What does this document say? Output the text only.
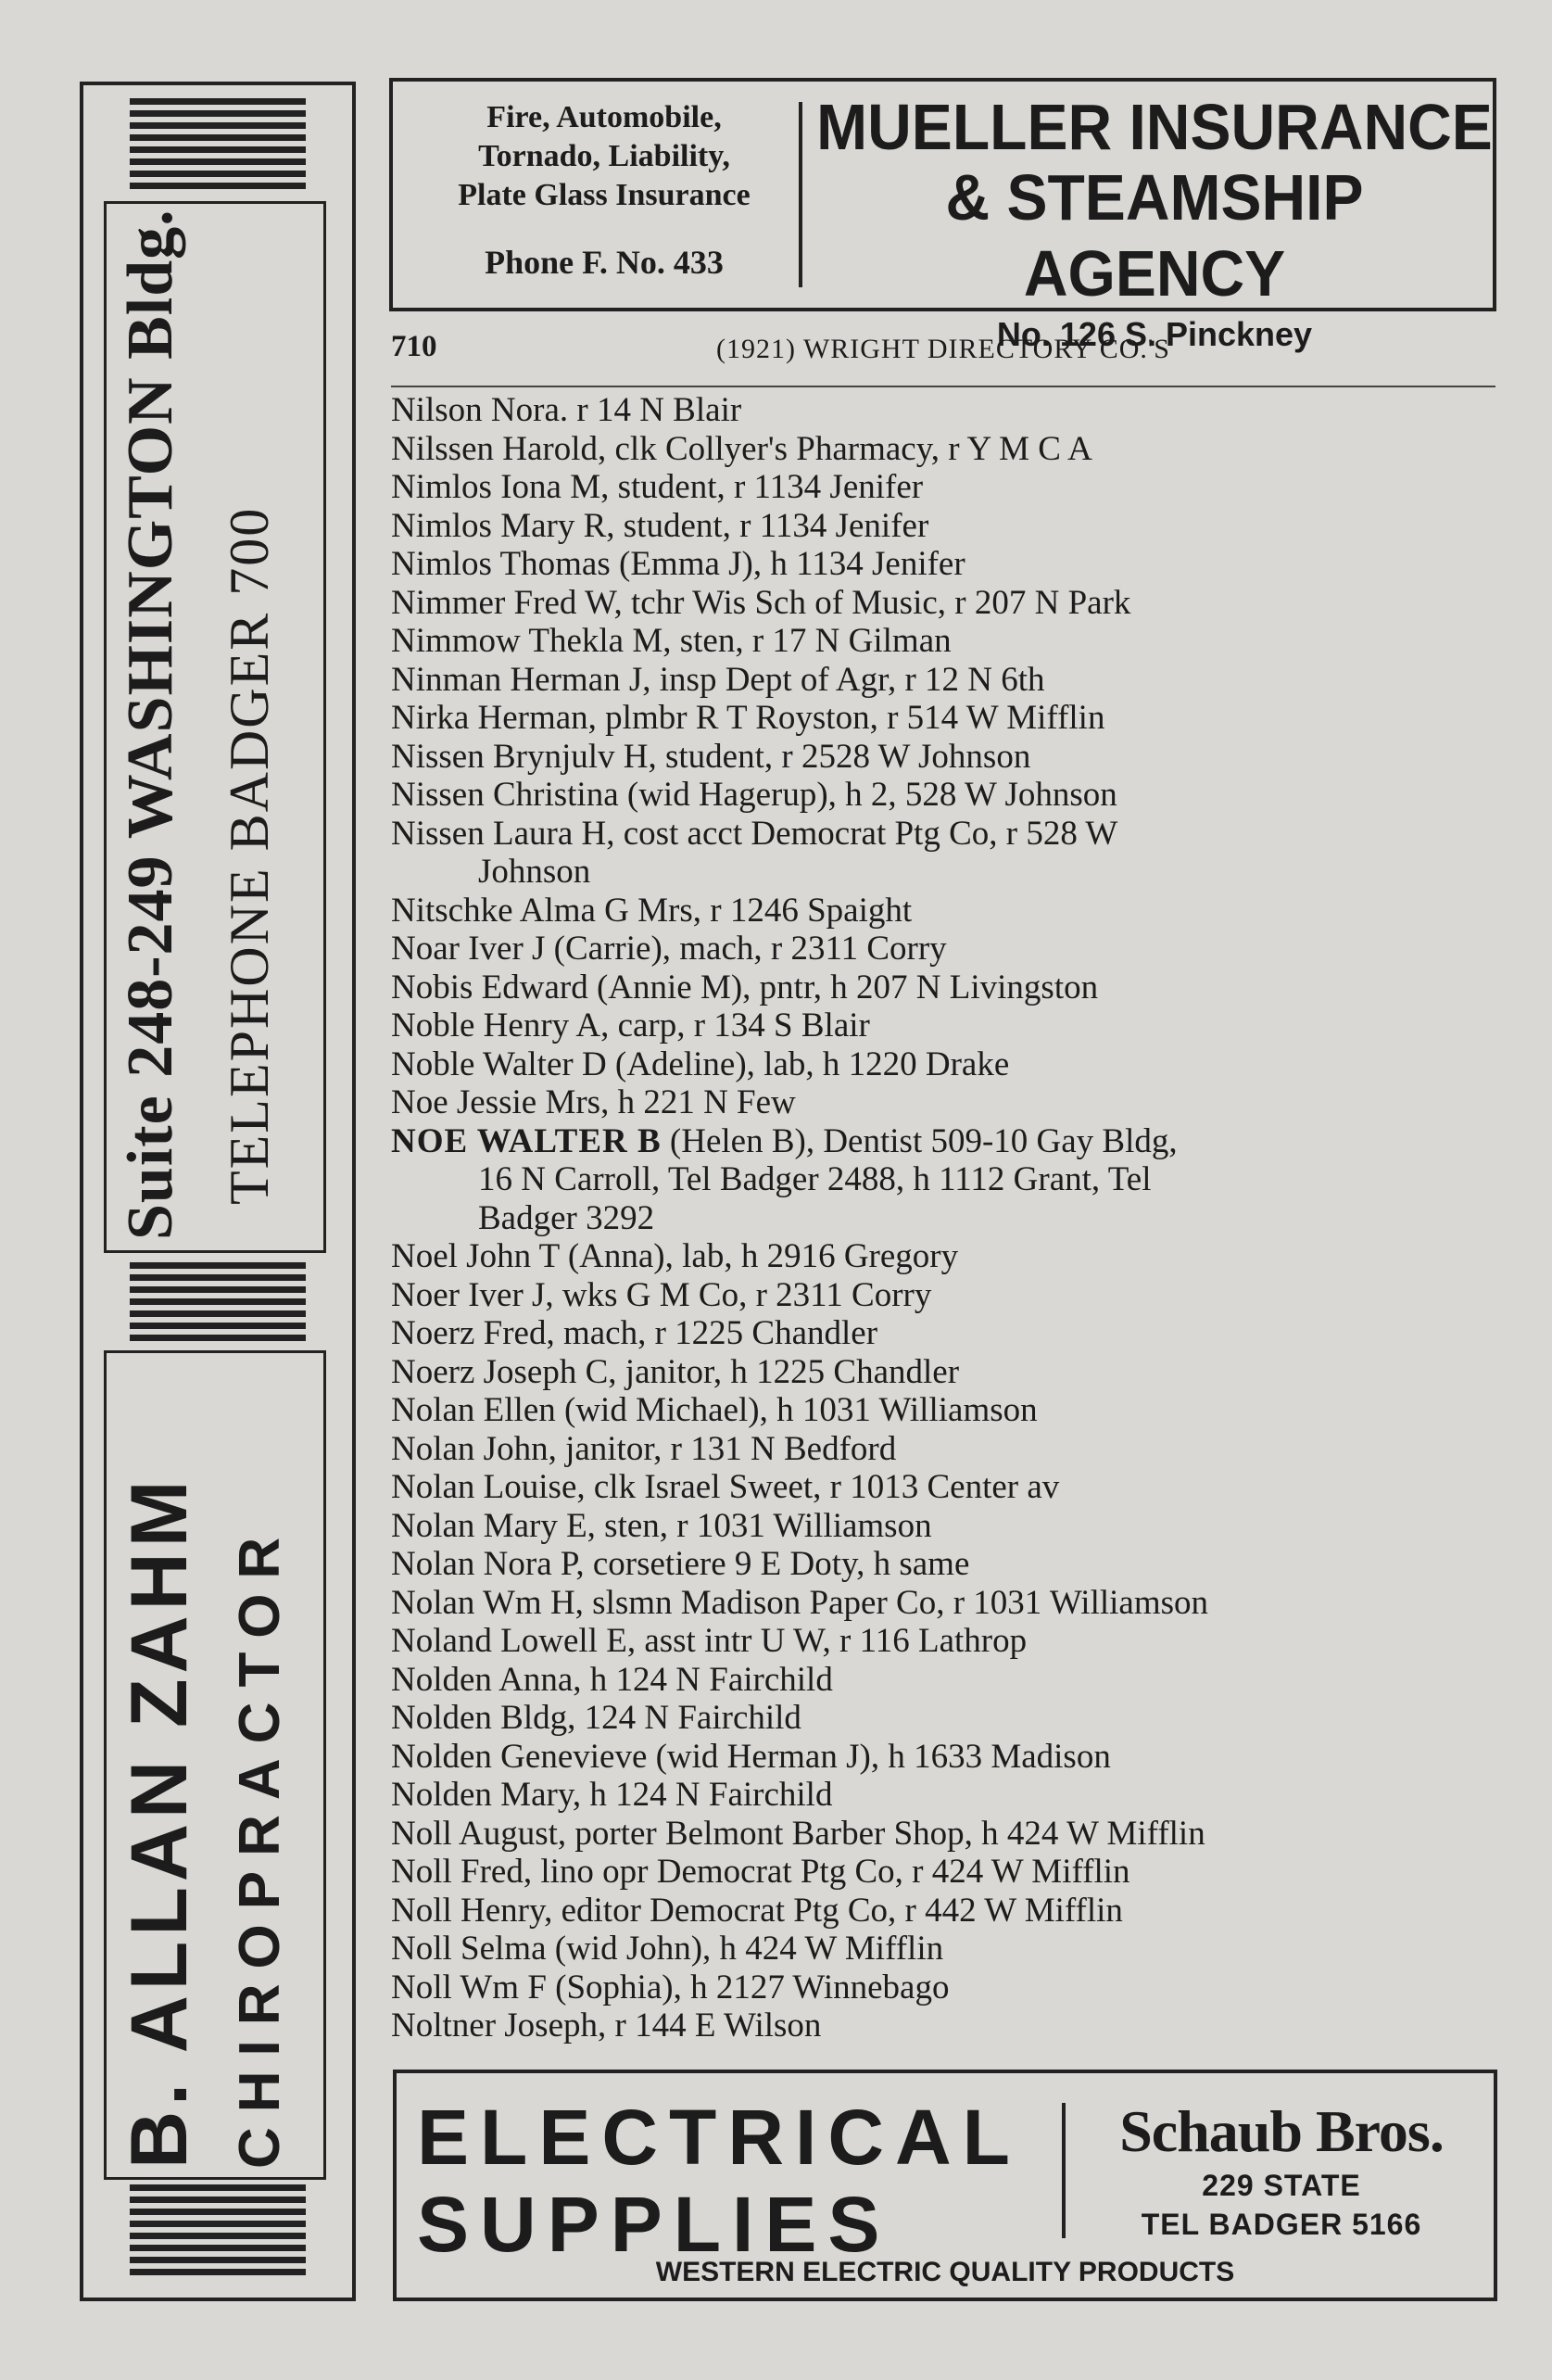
Suite 248-249 WASHINGTON Bldg. TELEPHONE BADGER 700
B. ALLAN ZAHM CHIROPRACTOR
Fire, Automobile,
Tornado, Liability,
Plate Glass Insurance
Phone F. No. 433
MUELLER INSURANCE
& STEAMSHIP AGENCY
No. 126 S. Pinckney
710	(1921) WRIGHT DIRECTORY CO.'S
Nilson Nora. r 14 N Blair
Nilssen Harold, clk Collyer's Pharmacy, r Y M C A
Nimlos Iona M, student, r 1134 Jenifer
Nimlos Mary R, student, r 1134 Jenifer
Nimlos Thomas (Emma J), h 1134 Jenifer
Nimmer Fred W, tchr Wis Sch of Music, r 207 N Park
Nimmow Thekla M, sten, r 17 N Gilman
Ninman Herman J, insp Dept of Agr, r 12 N 6th
Nirka Herman, plmbr R T Royston, r 514 W Mifflin
Nissen Brynjulv H, student, r 2528 W Johnson
Nissen Christina (wid Hagerup), h 2, 528 W Johnson
Nissen Laura H, cost acct Democrat Ptg Co, r 528 W
Johnson
Nitschke Alma G Mrs, r 1246 Spaight
Noar Iver J (Carrie), mach, r 2311 Corry
Nobis Edward (Annie M), pntr, h 207 N Livingston
Noble Henry A, carp, r 134 S Blair
Noble Walter D (Adeline), lab, h 1220 Drake
Noe Jessie Mrs, h 221 N Few
NOE WALTER B (Helen B), Dentist 509-10 Gay Bldg,
16 N Carroll, Tel Badger 2488, h 1112 Grant, Tel
Badger 3292
Noel John T (Anna), lab, h 2916 Gregory
Noer Iver J, wks G M Co, r 2311 Corry
Noerz Fred, mach, r 1225 Chandler
Noerz Joseph C, janitor, h 1225 Chandler
Nolan Ellen (wid Michael), h 1031 Williamson
Nolan John, janitor, r 131 N Bedford
Nolan Louise, clk Israel Sweet, r 1013 Center av
Nolan Mary E, sten, r 1031 Williamson
Nolan Nora P, corsetiere 9 E Doty, h same
Nolan Wm H, slsmn Madison Paper Co, r 1031 Williamson
Noland Lowell E, asst intr U W, r 116 Lathrop
Nolden Anna, h 124 N Fairchild
Nolden Bldg, 124 N Fairchild
Nolden Genevieve (wid Herman J), h 1633 Madison
Nolden Mary, h 124 N Fairchild
Noll August, porter Belmont Barber Shop, h 424 W Mifflin
Noll Fred, lino opr Democrat Ptg Co, r 424 W Mifflin
Noll Henry, editor Democrat Ptg Co, r 442 W Mifflin
Noll Selma (wid John), h 424 W Mifflin
Noll Wm F (Sophia), h 2127 Winnebago
Noltner Joseph, r 144 E Wilson
ELECTRICAL
SUPPLIES
Schaub Bros.
229 STATE
TEL BADGER 5166
WESTERN ELECTRIC QUALITY PRODUCTS
